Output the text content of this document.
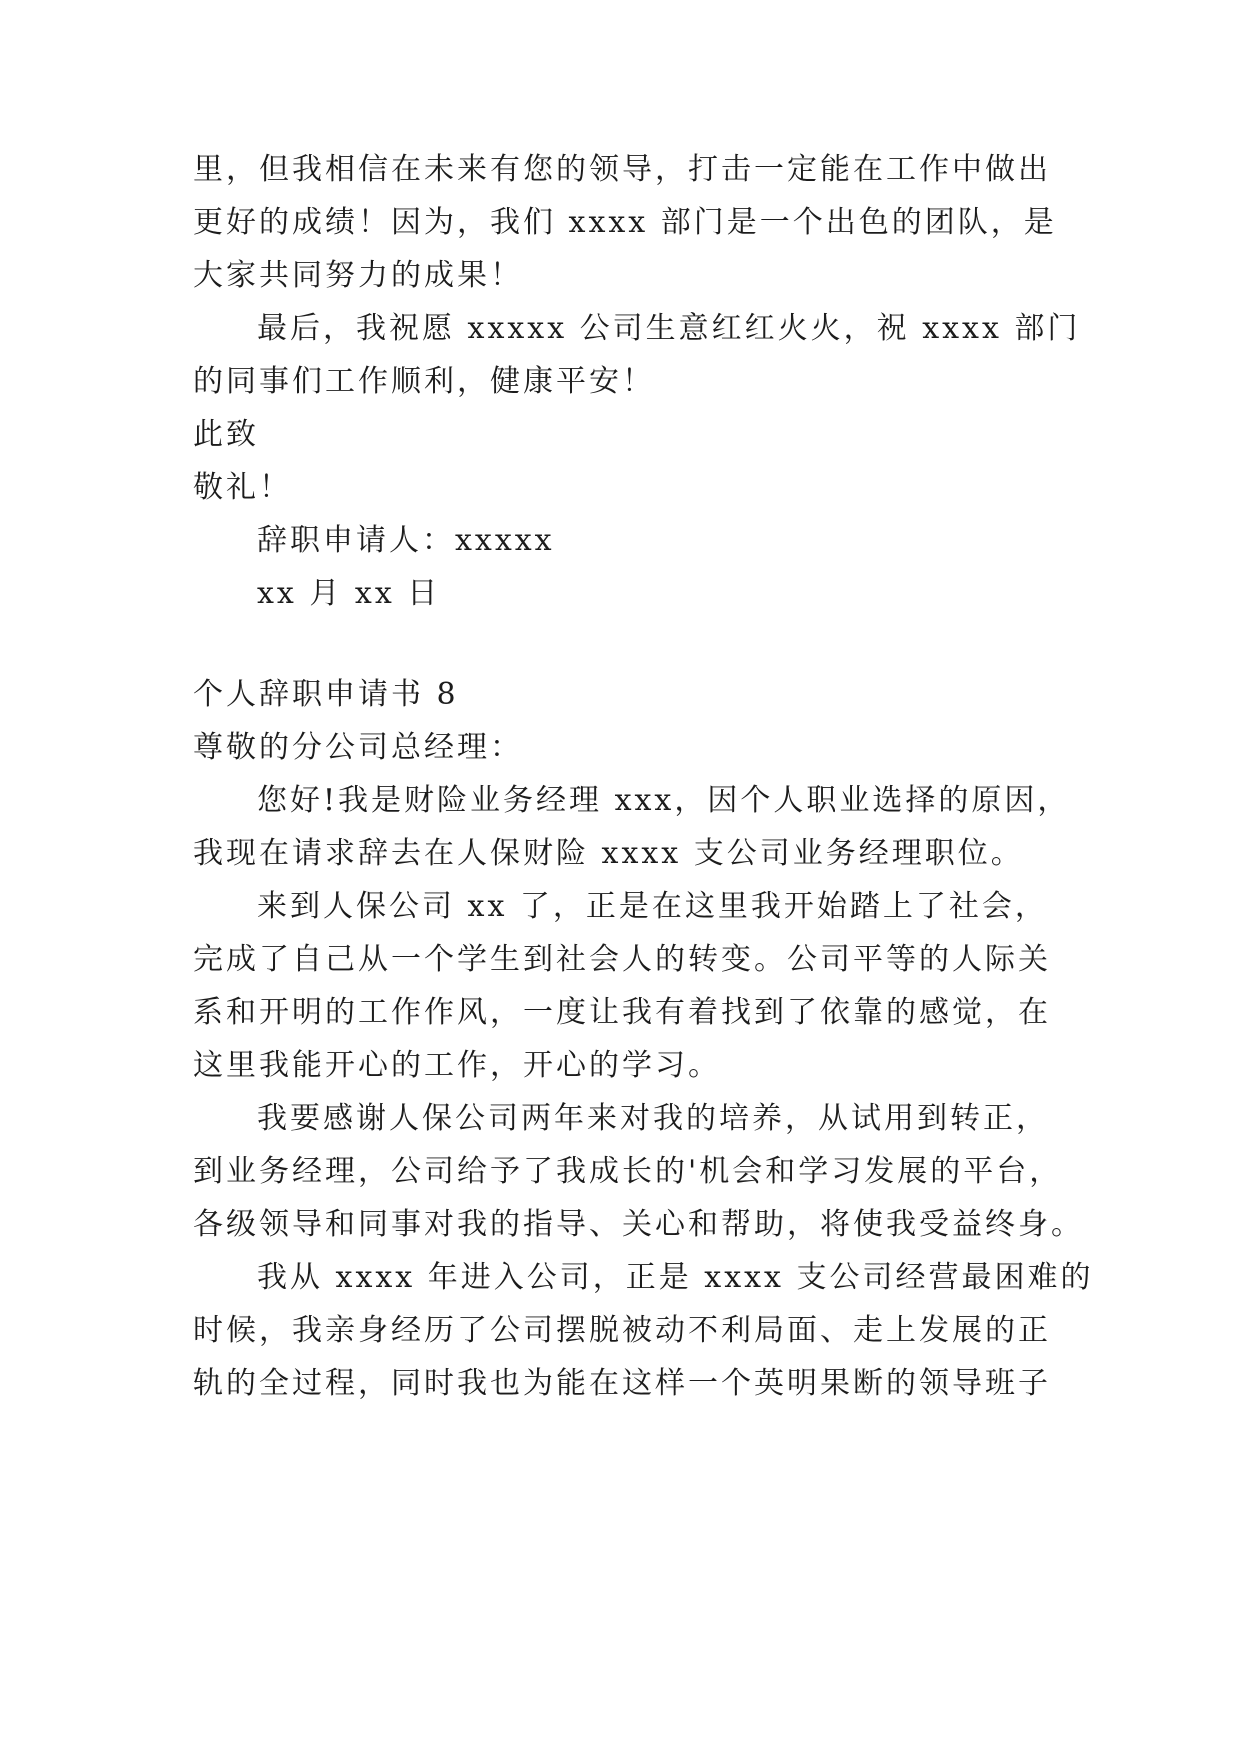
里，但我相信在未来有您的领导，打击一定能在工作中做出
更好的成绩！因为，我们 xxxx 部门是一个出色的团队，是
大家共同努力的成果！
最后，我祝愿 xxxxx 公司生意红红火火，祝 xxxx 部门
的同事们工作顺利，健康平安！
此致
敬礼！
辞职申请人：xxxxx
xx 月 xx 日
个人辞职申请书 8
尊敬的分公司总经理：
您好!我是财险业务经理 xxx，因个人职业选择的原因，
我现在请求辞去在人保财险 xxxx 支公司业务经理职位。
来到人保公司 xx 了，正是在这里我开始踏上了社会，
完成了自己从一个学生到社会人的转变。公司平等的人际关
系和开明的工作作风，一度让我有着找到了依靠的感觉，在
这里我能开心的工作，开心的学习。
我要感谢人保公司两年来对我的培养，从试用到转正，
到业务经理，公司给予了我成长的'机会和学习发展的平台，
各级领导和同事对我的指导、关心和帮助，将使我受益终身。
我从 xxxx 年进入公司，正是 xxxx 支公司经营最困难的
时候，我亲身经历了公司摆脱被动不利局面、走上发展的正
轨的全过程，同时我也为能在这样一个英明果断的领导班子
